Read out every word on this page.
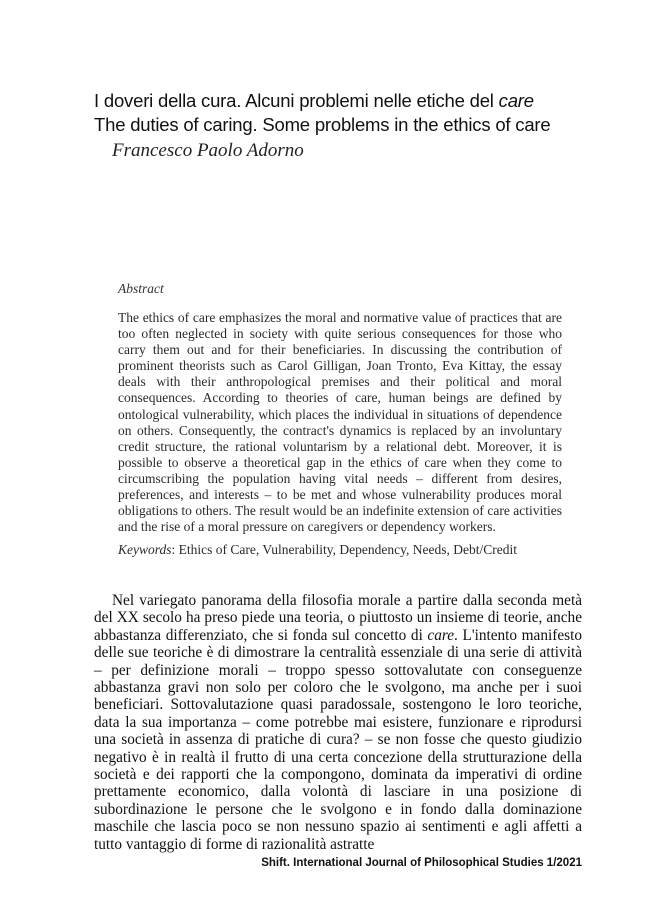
I doveri della cura. Alcuni problemi nelle etiche del care
The duties of caring. Some problems in the ethics of care

Francesco Paolo Adorno

Abstract

The ethics of care emphasizes the moral and normative value of practices that are too often neglected in society with quite serious consequences for those who carry them out and for their beneficiaries. In discussing the contribution of prominent theorists such as Carol Gilligan, Joan Tronto, Eva Kittay, the essay deals with their anthropological premises and their political and moral consequences. According to theories of care, human beings are defined by ontological vulnerability, which places the individual in situations of dependence on others. Consequently, the contract's dynamics is replaced by an involuntary credit structure, the rational voluntarism by a relational debt. Moreover, it is possible to observe a theoretical gap in the ethics of care when they come to circumscribing the population having vital needs – different from desires, preferences, and interests – to be met and whose vulnerability produces moral obligations to others. The result would be an indefinite extension of care activities and the rise of a moral pressure on caregivers or dependency workers.

Keywords: Ethics of Care, Vulnerability, Dependency, Needs, Debt/Credit

Nel variegato panorama della filosofia morale a partire dalla seconda metà del XX secolo ha preso piede una teoria, o piuttosto un insieme di teorie, anche abbastanza differenziato, che si fonda sul concetto di care. L'intento manifesto delle sue teoriche è di dimostrare la centralità essenziale di una serie di attività – per definizione morali – troppo spesso sottovalutate con conseguenze abbastanza gravi non solo per coloro che le svolgono, ma anche per i suoi beneficiari. Sottovalutazione quasi paradossale, sostengono le loro teoriche, data la sua importanza – come potrebbe mai esistere, funzionare e riprodursi una società in assenza di pratiche di cura? – se non fosse che questo giudizio negativo è in realtà il frutto di una certa concezione della strutturazione della società e dei rapporti che la compongono, dominata da imperativi di ordine prettamente economico, dalla volontà di lasciare in una posizione di subordinazione le persone che le svolgono e in fondo dalla dominazione maschile che lascia poco se non nessuno spazio ai sentimenti e agli affetti a tutto vantaggio di forme di razionalità astratte

Shift. International Journal of Philosophical Studies 1/2021
